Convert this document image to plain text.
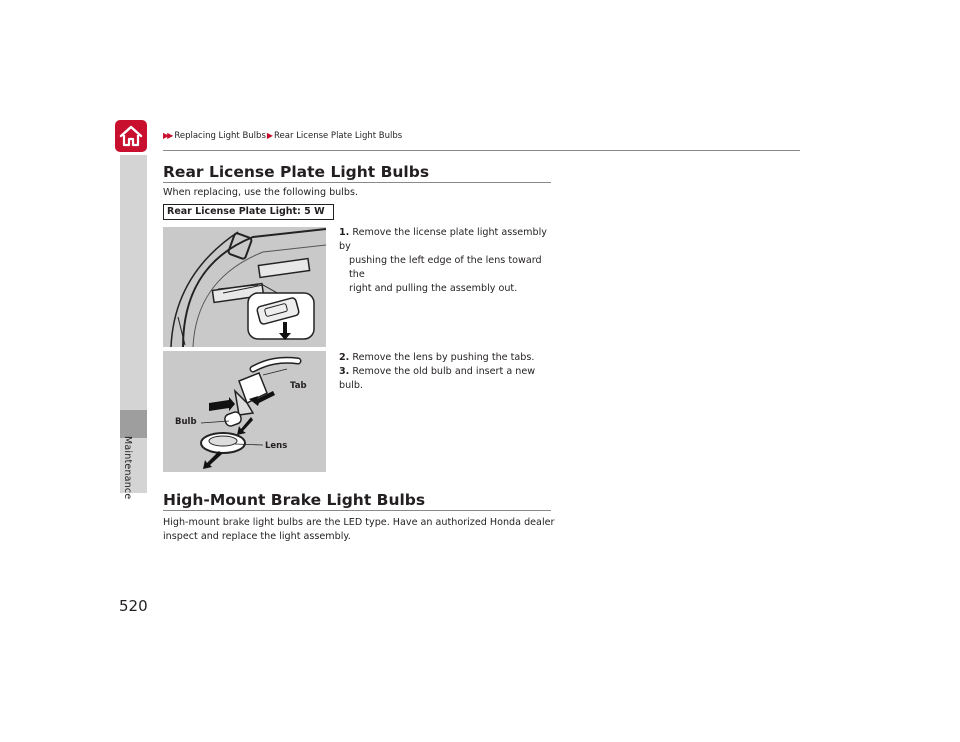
Maintenance
520
▶▶ Replacing Light Bulbs▶Rear License Plate Light Bulbs
Rear License Plate Light Bulbs
When replacing, use the following bulbs.
Rear License Plate Light: 5 W
Tab
Bulb
Lens
1. Remove the license plate light assembly by
pushing the left edge of the lens toward the
right and pulling the assembly out.
2. Remove the lens by pushing the tabs.
3. Remove the old bulb and insert a new bulb.
High-Mount Brake Light Bulbs
High-mount brake light bulbs are the LED type. Have an authorized Honda dealer
inspect and replace the light assembly.
